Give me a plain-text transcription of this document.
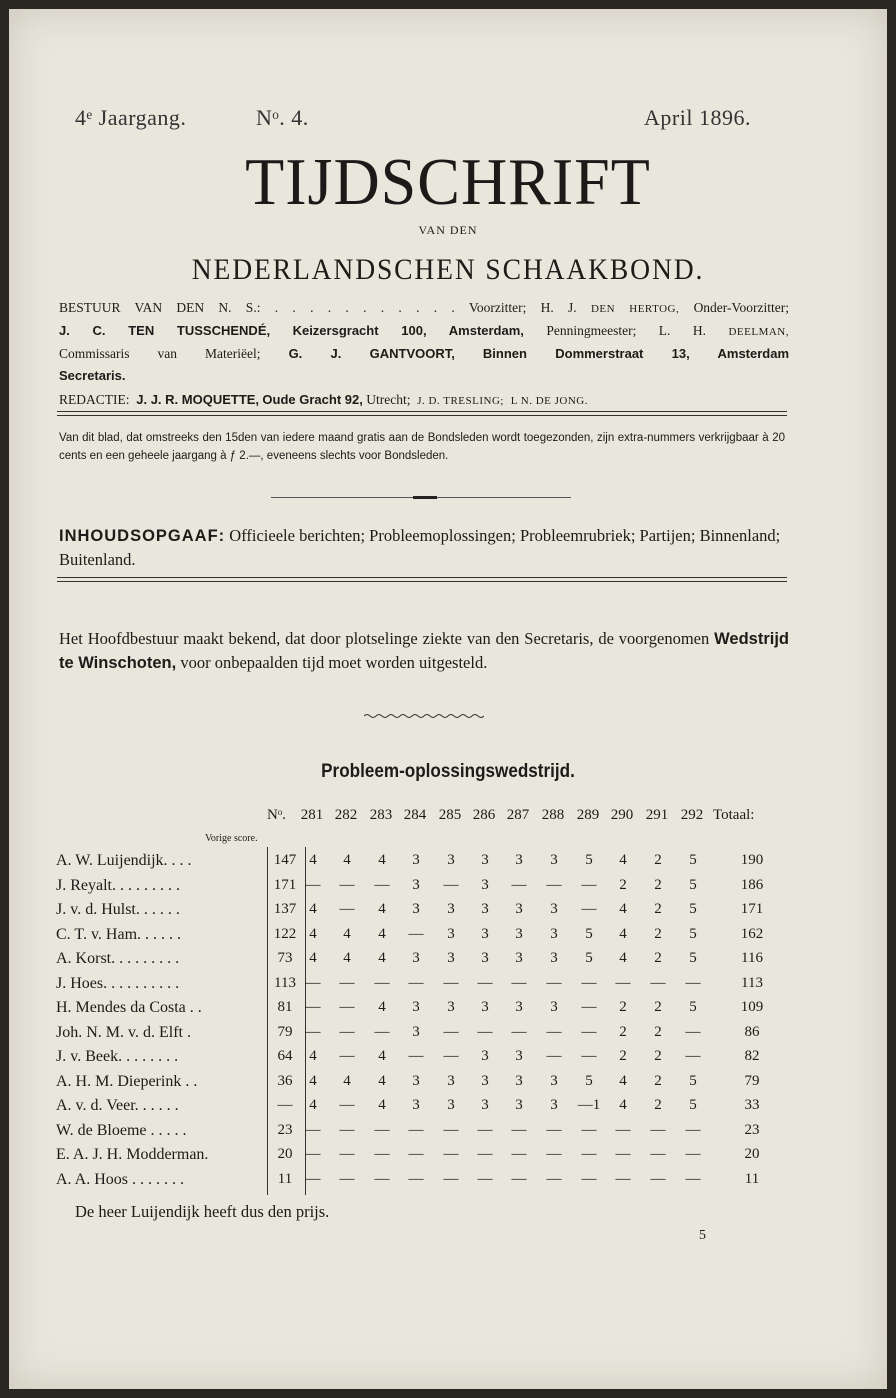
4ᵉ Jaargang.	Nᵒ. 4.	April 1896.
TIJDSCHRIFT
VAN DEN
NEDERLANDSCHEN SCHAAKBOND.
BESTUUR VAN DEN N. S.: . . . . . . . . . . . Voorzitter; H. J. DEN HERTOG, Onder-Voorzitter;
J. C. TEN TUSSCHENDÉ, Keizersgracht 100, Amsterdam, Penningmeester; L. H. DEELMAN,
Commissaris van Materiëel; G. J. GANTVOORT, Binnen Dommerstraat 13, Amsterdam
Secretaris.
REDACTIE: J. J. R. MOQUETTE, Oude Gracht 92, Utrecht; J. D. TRESLING; L N. DE JONG.
Van dit blad, dat omstreeks den 15den van iedere maand gratis aan de Bondsleden wordt toegezonden, zijn extra-nummers verkrijgbaar à 20 cents en een geheele jaargang à ƒ 2.—, eveneens slechts voor Bondsleden.
INHOUDSOPGAAF: Officieele berichten; Probleemoplossingen; Probleemrubriek; Partijen; Binnenland; Buitenland.
Het Hoofdbestuur maakt bekend, dat door plotselinge ziekte van den Secretaris, de voorgenomen Wedstrijd te Winschoten, voor onbepaalden tijd moet worden uitgesteld.
Probleem-oplossingswedstrijd.
Nᵒ. 281 282 283 284 285 286 287 288 289 290 291 292 Totaal:
Vorige score.
A. W. Luijendijk. . . .	147 4	4	4	3	3	3	3	3	5	4	2	5	190
J. Reyalt. . . . . . . . .	171 —	—	—	3	—	3	—	—	—	2	2	5	186
J. v. d. Hulst. . . . . .	137 4	—	4	3	3	3	3	3	—	4	2	5	171
C. T. v. Ham. . . . . .	122 4	4	4	—	3	3	3	3	5	4	2	5	162
A. Korst. . . . . . . . .	73	4	4	4	3	3	3	3	3	5	4	2	5	116
J. Hoes. . . . . . . . . .	113 —	—	—	—	—	—	—	—	—	—	—	—	113
H. Mendes da Costa . .	81 —	—	4	3	3	3	3	3	—	2	2	5	109
Joh. N. M. v. d. Elft .	79 —	—	—	3	—	—	—	—	—	2	2	—	86
J. v. Beek. . . . . . . .	64	4	—	4	—	—	3	3	—	—	2	2	—	82
A. H. M. Dieperink . .	36	4	4	4	3	3	3	3	3	5	4	2	5	79
A. v. d. Veer. . . . . .	—	4	—	4	3	3	3	3	3	—1	4	2	5	33
W. de Bloeme . . . . .	23 —	—	—	—	—	—	—	—	—	—	—	—	23
E. A. J. H. Modderman.	20 —	—	—	—	—	—	—	—	—	—	—	—	20
A. A. Hoos . . . . . . .	11 —	—	—	—	—	—	—	—	—	—	—	—	11
De heer Luijendijk heeft dus den prijs.
5
